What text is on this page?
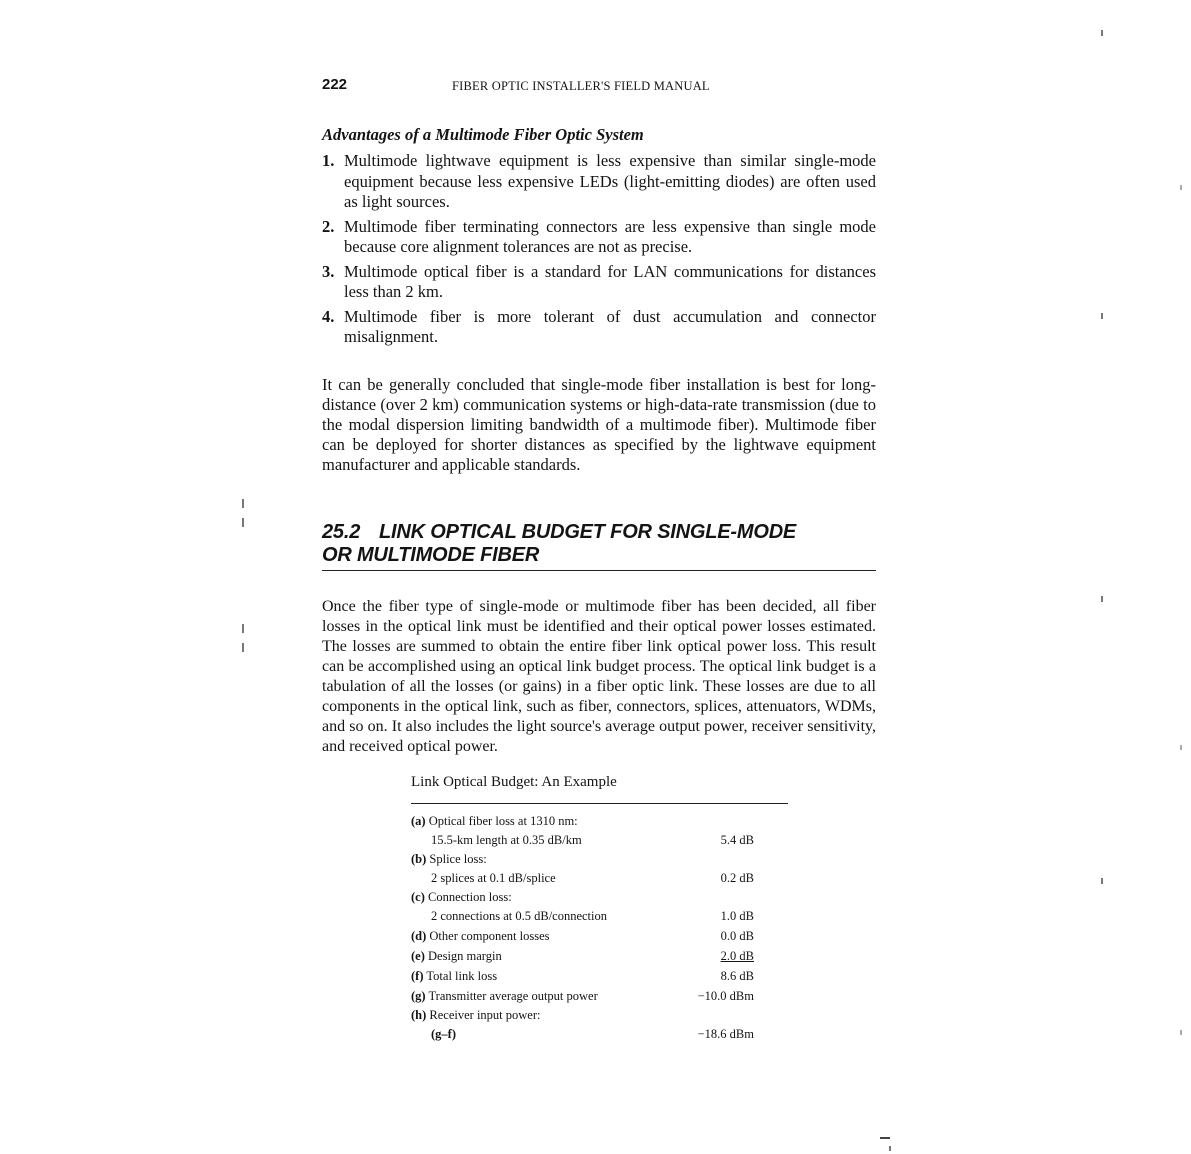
222	FIBER OPTIC INSTALLER'S FIELD MANUAL
Advantages of a Multimode Fiber Optic System
1. Multimode lightwave equipment is less expensive than similar single-mode equipment because less expensive LEDs (light-emitting diodes) are often used as light sources.
2. Multimode fiber terminating connectors are less expensive than single mode because core alignment tolerances are not as precise.
3. Multimode optical fiber is a standard for LAN communications for distances less than 2 km.
4. Multimode fiber is more tolerant of dust accumulation and connector misalignment.

It can be generally concluded that single-mode fiber installation is best for long-distance (over 2 km) communication systems or high-data-rate transmission (due to the modal dispersion limiting bandwidth of a multimode fiber). Multimode fiber can be deployed for shorter distances as specified by the lightwave equipment manufacturer and applicable standards.

25.2 LINK OPTICAL BUDGET FOR SINGLE-MODE
OR MULTIMODE FIBER

Once the fiber type of single-mode or multimode fiber has been decided, all fiber losses in the optical link must be identified and their optical power losses estimated. The losses are summed to obtain the entire fiber link optical power loss. This result can be accomplished using an optical link budget process. The optical link budget is a tabulation of all the losses (or gains) in a fiber optic link. These losses are due to all components in the optical link, such as fiber, connectors, splices, attenuators, WDMs, and so on. It also includes the light source's average output power, receiver sensitivity, and received optical power.

Link Optical Budget: An Example
(a) Optical fiber loss at 1310 nm:
15.5-km length at 0.35 dB/km	5.4 dB
(b) Splice loss:
2 splices at 0.1 dB/splice	0.2 dB
(c) Connection loss:
2 connections at 0.5 dB/connection	1.0 dB
(d) Other component losses	0.0 dB
(e) Design margin	2.0 dB
(f) Total link loss	8.6 dB
(g) Transmitter average output power	−10.0 dBm
(h) Receiver input power:
(g–f)	−18.6 dBm
